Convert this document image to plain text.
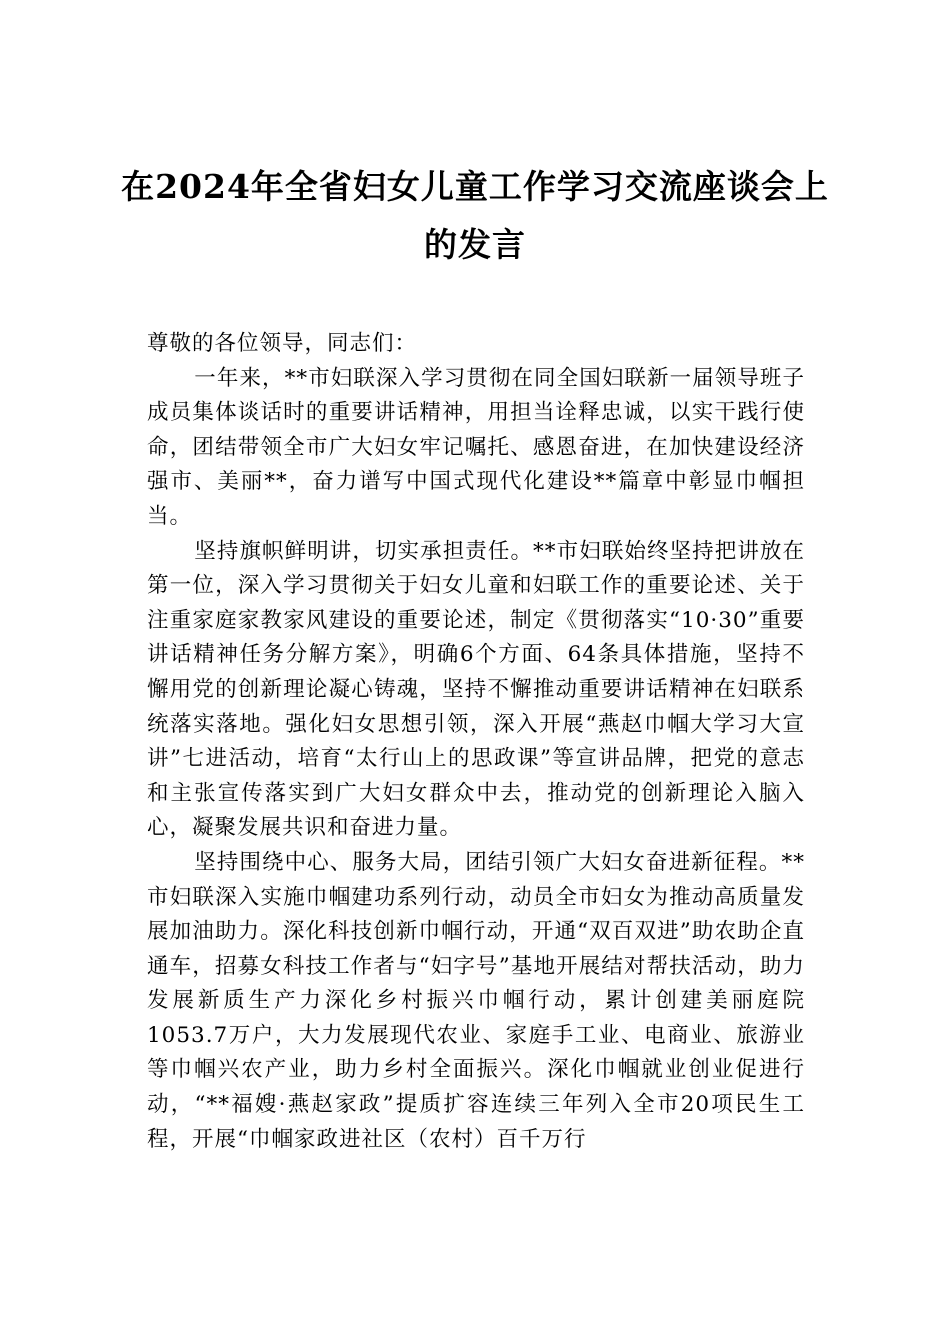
在2024年全省妇女儿童工作学习交流座谈会上的发言

尊敬的各位领导，同志们：

一年来，**市妇联深入学习贯彻在同全国妇联新一届领导班子成员集体谈话时的重要讲话精神，用担当诠释忠诚，以实干践行使命，团结带领全市广大妇女牢记嘱托、感恩奋进，在加快建设经济强市、美丽**，奋力谱写中国式现代化建设**篇章中彰显巾帼担当。

坚持旗帜鲜明讲，切实承担责任。**市妇联始终坚持把讲放在第一位，深入学习贯彻关于妇女儿童和妇联工作的重要论述、关于注重家庭家教家风建设的重要论述，制定《贯彻落实“10·30”重要讲话精神任务分解方案》，明确6个方面、64条具体措施，坚持不懈用党的创新理论凝心铸魂，坚持不懈推动重要讲话精神在妇联系统落实落地。强化妇女思想引领，深入开展“燕赵巾帼大学习大宣讲”七进活动，培育“太行山上的思政课”等宣讲品牌，把党的意志和主张宣传落实到广大妇女群众中去，推动党的创新理论入脑入心，凝聚发展共识和奋进力量。

坚持围绕中心、服务大局，团结引领广大妇女奋进新征程。**市妇联深入实施巾帼建功系列行动，动员全市妇女为推动高质量发展加油助力。深化科技创新巾帼行动，开通“双百双进”助农助企直通车，招募女科技工作者与“妇字号”基地开展结对帮扶活动，助力发展新质生产力深化乡村振兴巾帼行动，累计创建美丽庭院1053.7万户，大力发展现代农业、家庭手工业、电商业、旅游业等巾帼兴农产业，助力乡村全面振兴。深化巾帼就业创业促进行动，“**福嫂·燕赵家政”提质扩容连续三年列入全市20项民生工程，开展“巾帼家政进社区（农村）百千万行
